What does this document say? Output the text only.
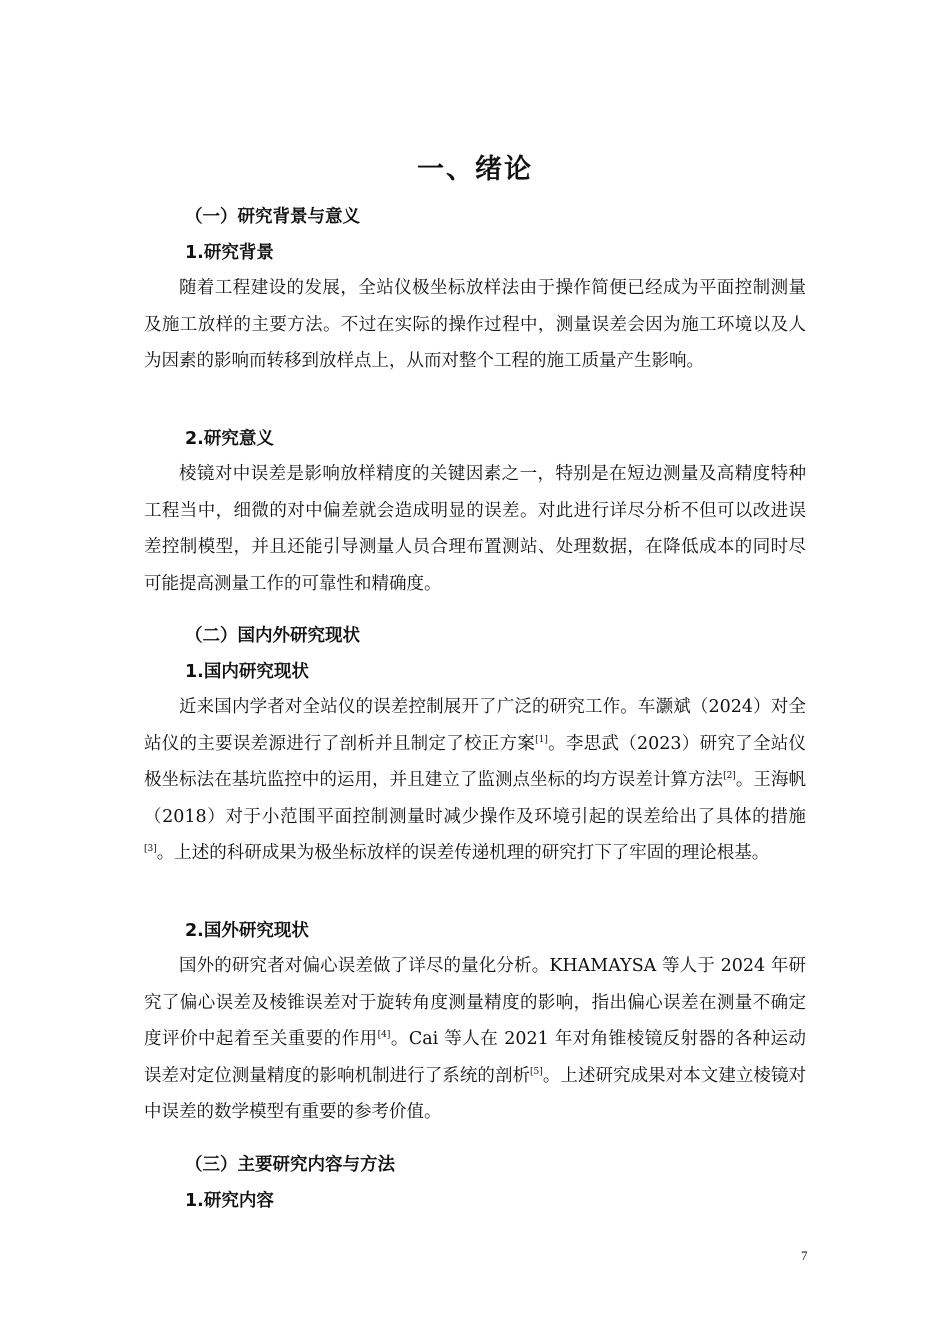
一、绪论
（一）研究背景与意义
1.研究背景

随着工程建设的发展，全站仪极坐标放样法由于操作简便已经成为平面控制测量及施工放样的主要方法。不过在实际的操作过程中，测量误差会因为施工环境以及人为因素的影响而转移到放样点上，从而对整个工程的施工质量产生影响。

2.研究意义

棱镜对中误差是影响放样精度的关键因素之一，特别是在短边测量及高精度特种工程当中，细微的对中偏差就会造成明显的误差。对此进行详尽分析不但可以改进误差控制模型，并且还能引导测量人员合理布置测站、处理数据，在降低成本的同时尽可能提高测量工作的可靠性和精确度。

（二）国内外研究现状
1.国内研究现状

近来国内学者对全站仪的误差控制展开了广泛的研究工作。车灏斌（2024）对全站仪的主要误差源进行了剖析并且制定了校正方案[1]。李思武（2023）研究了全站仪极坐标法在基坑监控中的运用，并且建立了监测点坐标的均方误差计算方法[2]。王海帆（2018）对于小范围平面控制测量时减少操作及环境引起的误差给出了具体的措施[3]。上述的科研成果为极坐标放样的误差传递机理的研究打下了牢固的理论根基。

2.国外研究现状

国外的研究者对偏心误差做了详尽的量化分析。KHAMAYSA 等人于 2024 年研究了偏心误差及棱锥误差对于旋转角度测量精度的影响，指出偏心误差在测量不确定度评价中起着至关重要的作用[4]。Cai 等人在 2021 年对角锥棱镜反射器的各种运动误差对定位测量精度的影响机制进行了系统的剖析[5]。上述研究成果对本文建立棱镜对中误差的数学模型有重要的参考价值。

（三）主要研究内容与方法
1.研究内容
7
